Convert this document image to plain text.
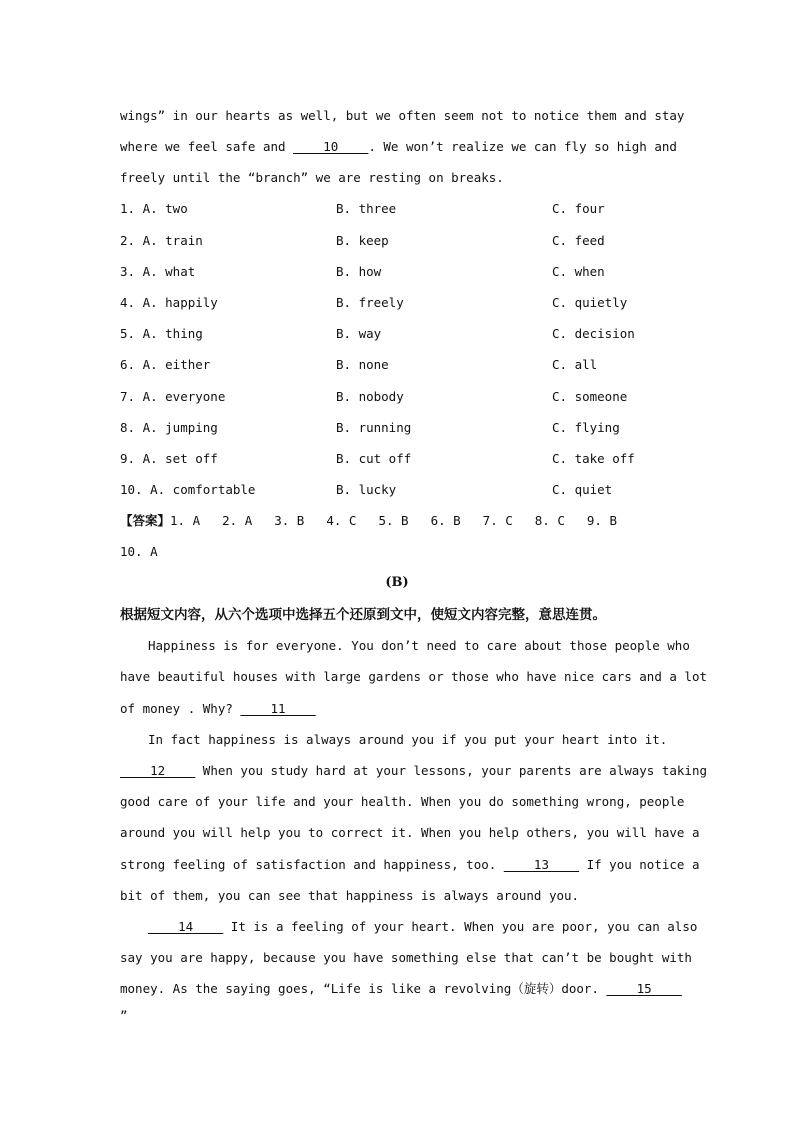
wings” in our hearts as well, but we often seem not to notice them and stay
where we feel safe and ____10____. We won’t realize we can fly so high and
freely until the “branch” we are resting on breaks.
1. A. two	B. three	C. four
2. A. train	B. keep	C. feed
3. A. what	B. how	C. when
4. A. happily	B. freely	C. quietly
5. A. thing	B. way	C. decision
6. A. either	B. none	C. all
7. A. everyone	B. nobody	C. someone
8. A. jumping	B. running	C. flying
9. A. set off	B. cut off	C. take off
10. A. comfortable	B. lucky	C. quiet
【答案】1. A 2. A 3. B 4. C 5. B 6. B 7. C 8. C 9. B
10. A
(B)
根据短文内容，从六个选项中选择五个还原到文中，使短文内容完整，意思连贯。
Happiness is for everyone. You don’t need to care about those people who
have beautiful houses with large gardens or those who have nice cars and a lot
of money . Why? ____11____
In fact happiness is always around you if you put your heart into it.
____12____ When you study hard at your lessons, your parents are always taking
good care of your life and your health. When you do something wrong, people
around you will help you to correct it. When you help others, you will have a
strong feeling of satisfaction and happiness, too. ____13____ If you notice a
bit of them, you can see that happiness is always around you.
____14____ It is a feeling of your heart. When you are poor, you can also
say you are happy, because you have something else that can’t be bought with
money. As the saying goes, “Life is like a revolving（旋转）door. ____15____
”
